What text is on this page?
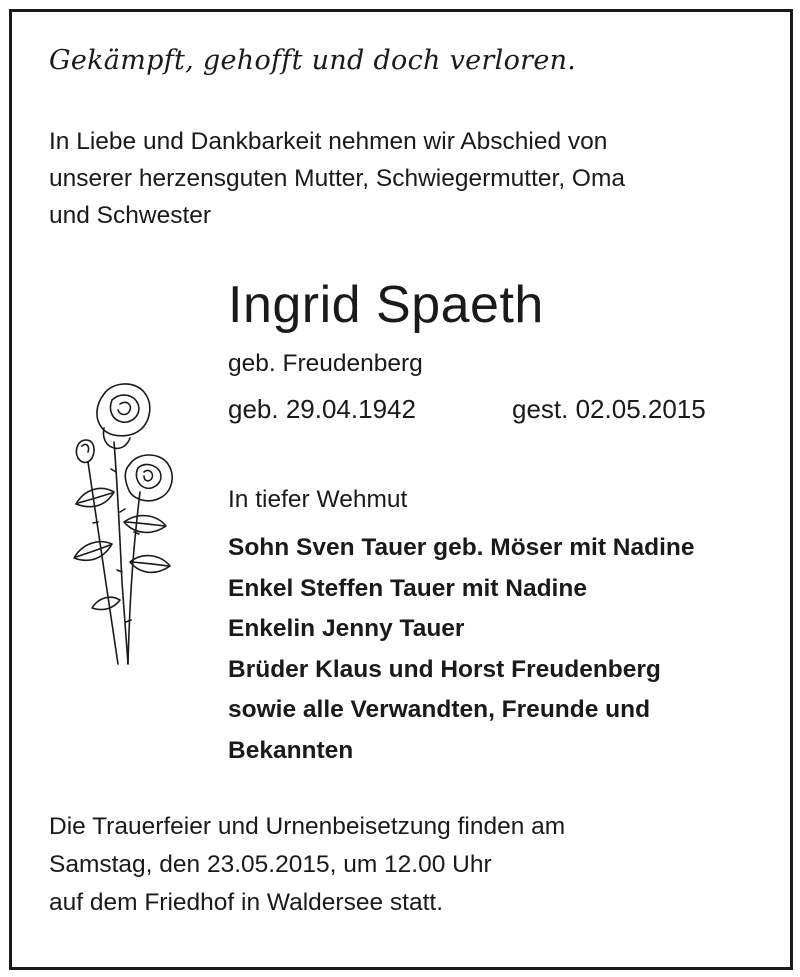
Gekämpft, gehofft und doch verloren.
In Liebe und Dankbarkeit nehmen wir Abschied von
unserer herzensguten Mutter, Schwiegermutter, Oma
und Schwester
Ingrid Spaeth
geb. Freudenberg
geb. 29.04.1942	gest. 02.05.2015
In tiefer Wehmut
Sohn Sven Tauer geb. Möser mit Nadine
Enkel Steffen Tauer mit Nadine
Enkelin Jenny Tauer
Brüder Klaus und Horst Freudenberg
sowie alle Verwandten, Freunde und
Bekannten
Die Trauerfeier und Urnenbeisetzung finden am
Samstag, den 23.05.2015, um 12.00 Uhr
auf dem Friedhof in Waldersee statt.
